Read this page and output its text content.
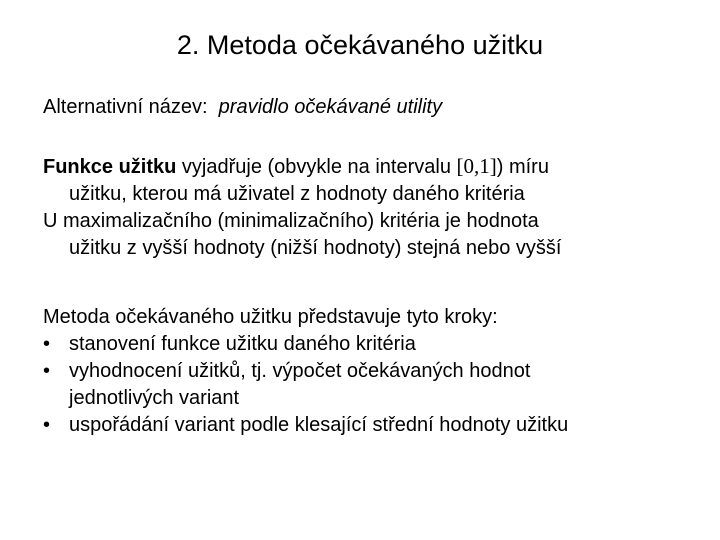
2. Metoda očekávaného užitku
Alternativní název: pravidlo očekávané utility
Funkce užitku vyjadřuje (obvykle na intervalu [0,1]) míru
užitku, kterou má uživatel z hodnoty daného kritéria
U maximalizačního (minimalizačního) kritéria je hodnota
užitku z vyšší hodnoty (nižší hodnoty) stejná nebo vyšší
Metoda očekávaného užitku představuje tyto kroky:
• stanovení funkce užitku daného kritéria
• vyhodnocení užitků, tj. výpočet očekávaných hodnot
jednotlivých variant
• uspořádání variant podle klesající střední hodnoty užitku
